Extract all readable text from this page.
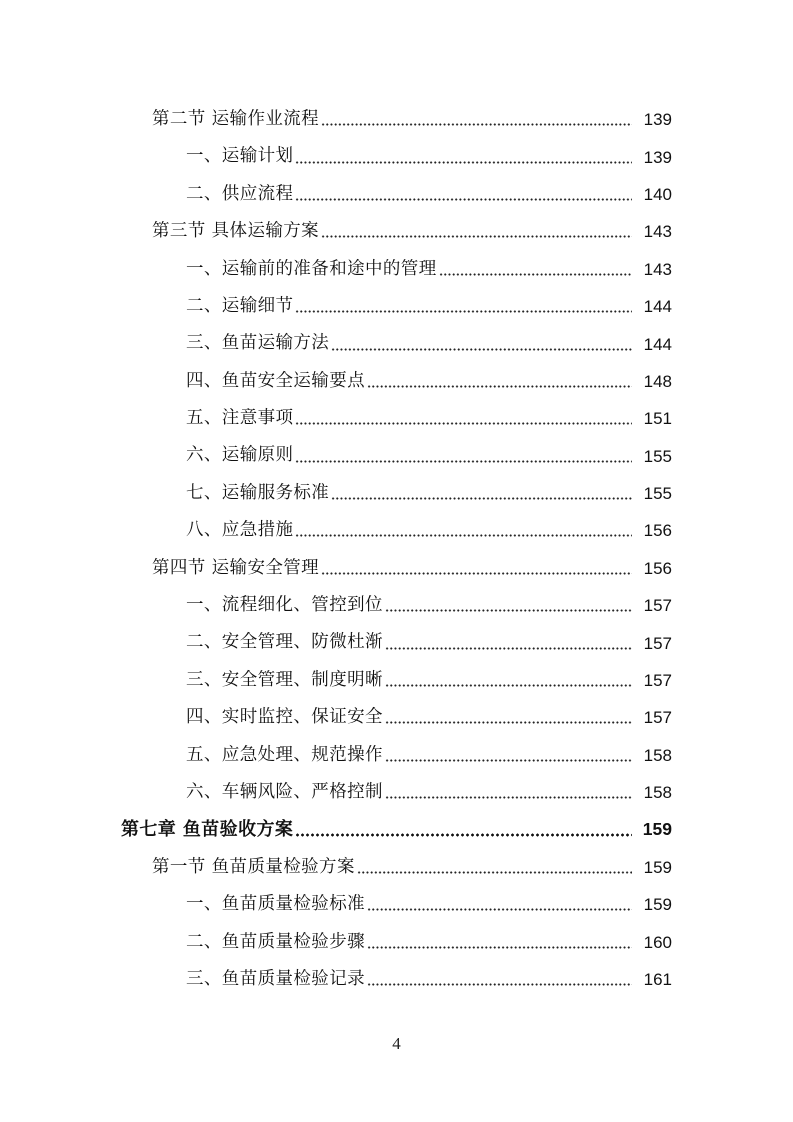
第二节 运输作业流程	139
一、运输计划	139
二、供应流程	140
第三节 具体运输方案	143
一、运输前的准备和途中的管理	143
二、运输细节	144
三、鱼苗运输方法	144
四、鱼苗安全运输要点	148
五、注意事项	151
六、运输原则	155
七、运输服务标准	155
八、应急措施	156
第四节 运输安全管理	156
一、流程细化、管控到位	157
二、安全管理、防微杜渐	157
三、安全管理、制度明晰	157
四、实时监控、保证安全	157
五、应急处理、规范操作	158
六、车辆风险、严格控制	158
第七章 鱼苗验收方案	159
第一节 鱼苗质量检验方案	159
一、鱼苗质量检验标准	159
二、鱼苗质量检验步骤	160
三、鱼苗质量检验记录	161
4
